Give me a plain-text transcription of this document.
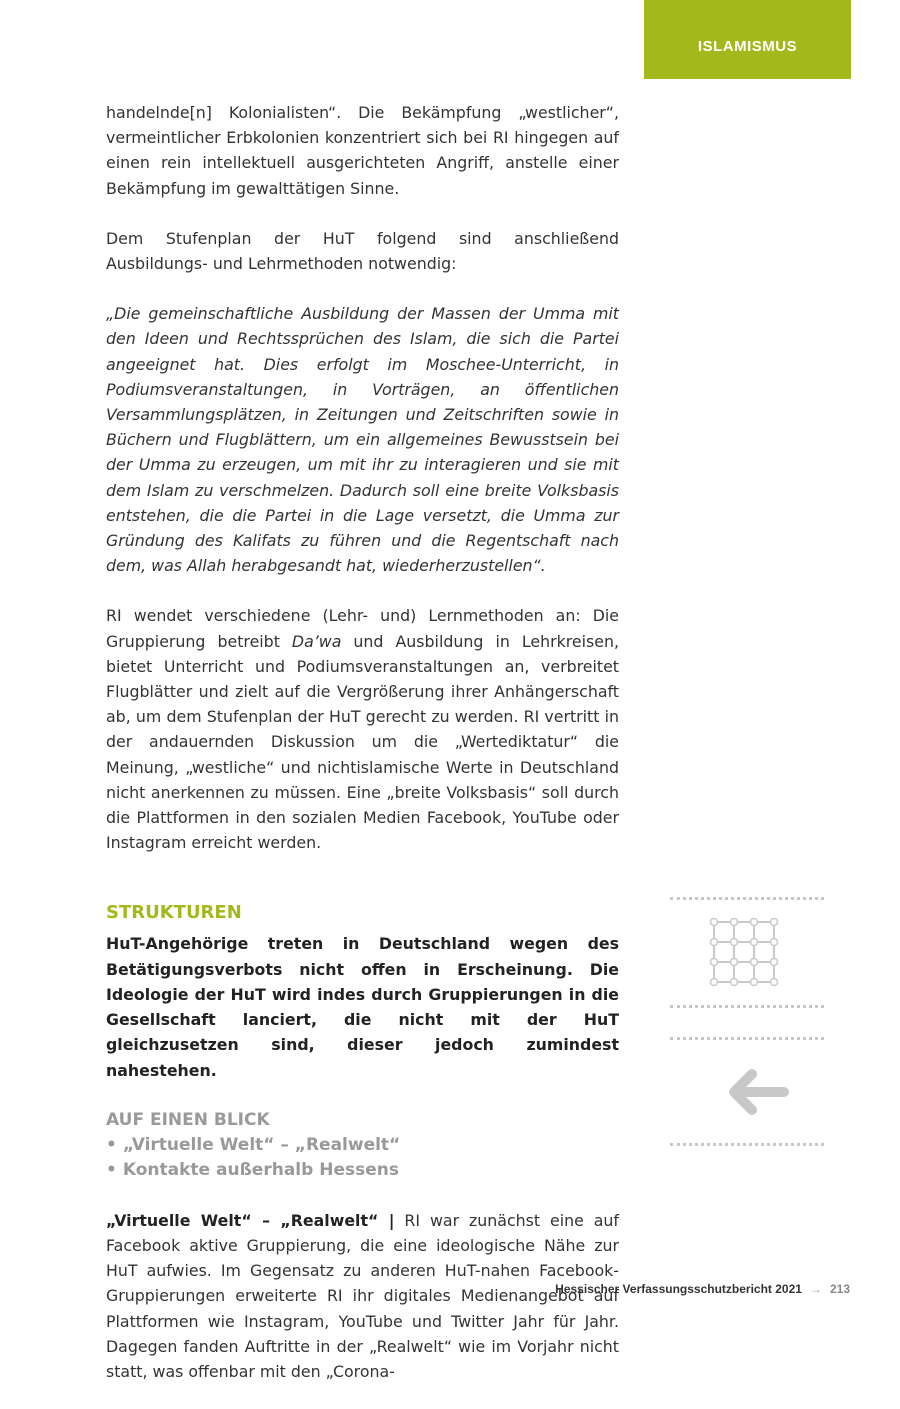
ISLAMISMUS

handelnde[n] Kolonialisten“. Die Bekämpfung „westlicher“, vermeintlicher Erbkolonien konzentriert sich bei RI hingegen auf einen rein intellektuell ausgerichteten Angriff, anstelle einer Bekämpfung im gewalttätigen Sinne.

Dem Stufenplan der HuT folgend sind anschließend Ausbildungs- und Lehrmethoden notwendig:

„Die gemeinschaftliche Ausbildung der Massen der Umma mit den Ideen und Rechtssprüchen des Islam, die sich die Partei angeeignet hat. Dies erfolgt im Moschee-Unterricht, in Podiumsveranstaltungen, in Vorträgen, an öffentlichen Versammlungsplätzen, in Zeitungen und Zeitschriften sowie in Büchern und Flugblättern, um ein allgemeines Bewusstsein bei der Umma zu erzeugen, um mit ihr zu interagieren und sie mit dem Islam zu verschmelzen. Dadurch soll eine breite Volksbasis entstehen, die die Partei in die Lage versetzt, die Umma zur Gründung des Kalifats zu führen und die Regentschaft nach dem, was Allah herabgesandt hat, wiederherzustellen“.

RI wendet verschiedene (Lehr- und) Lernmethoden an: Die Gruppierung betreibt Da’wa und Ausbildung in Lehrkreisen, bietet Unterricht und Podiumsveranstaltungen an, verbreitet Flugblätter und zielt auf die Vergrößerung ihrer Anhängerschaft ab, um dem Stufenplan der HuT gerecht zu werden. RI vertritt in der andauernden Diskussion um die „Wertediktatur“ die Meinung, „westliche“ und nichtislamische Werte in Deutschland nicht anerkennen zu müssen. Eine „breite Volksbasis“ soll durch die Plattformen in den sozialen Medien Facebook, YouTube oder Instagram erreicht werden.

STRUKTUREN

HuT-Angehörige treten in Deutschland wegen des Betätigungsverbots nicht offen in Erscheinung. Die Ideologie der HuT wird indes durch Gruppierungen in die Gesellschaft lanciert, die nicht mit der HuT gleichzusetzen sind, dieser jedoch zumindest nahestehen.

AUF EINEN BLICK
• „Virtuelle Welt“ – „Realwelt“
• Kontakte außerhalb Hessens

„Virtuelle Welt“ – „Realwelt“ | RI war zunächst eine auf Facebook aktive Gruppierung, die eine ideologische Nähe zur HuT aufwies. Im Gegensatz zu anderen HuT-nahen Facebook-Gruppierungen erweiterte RI ihr digitales Medienangebot auf Plattformen wie Instagram, YouTube und Twitter Jahr für Jahr. Dagegen fanden Auftritte in der „Realwelt“ wie im Vorjahr nicht statt, was offenbar mit den „Corona-

Hessischer Verfassungsschutzbericht 2021 → 213
